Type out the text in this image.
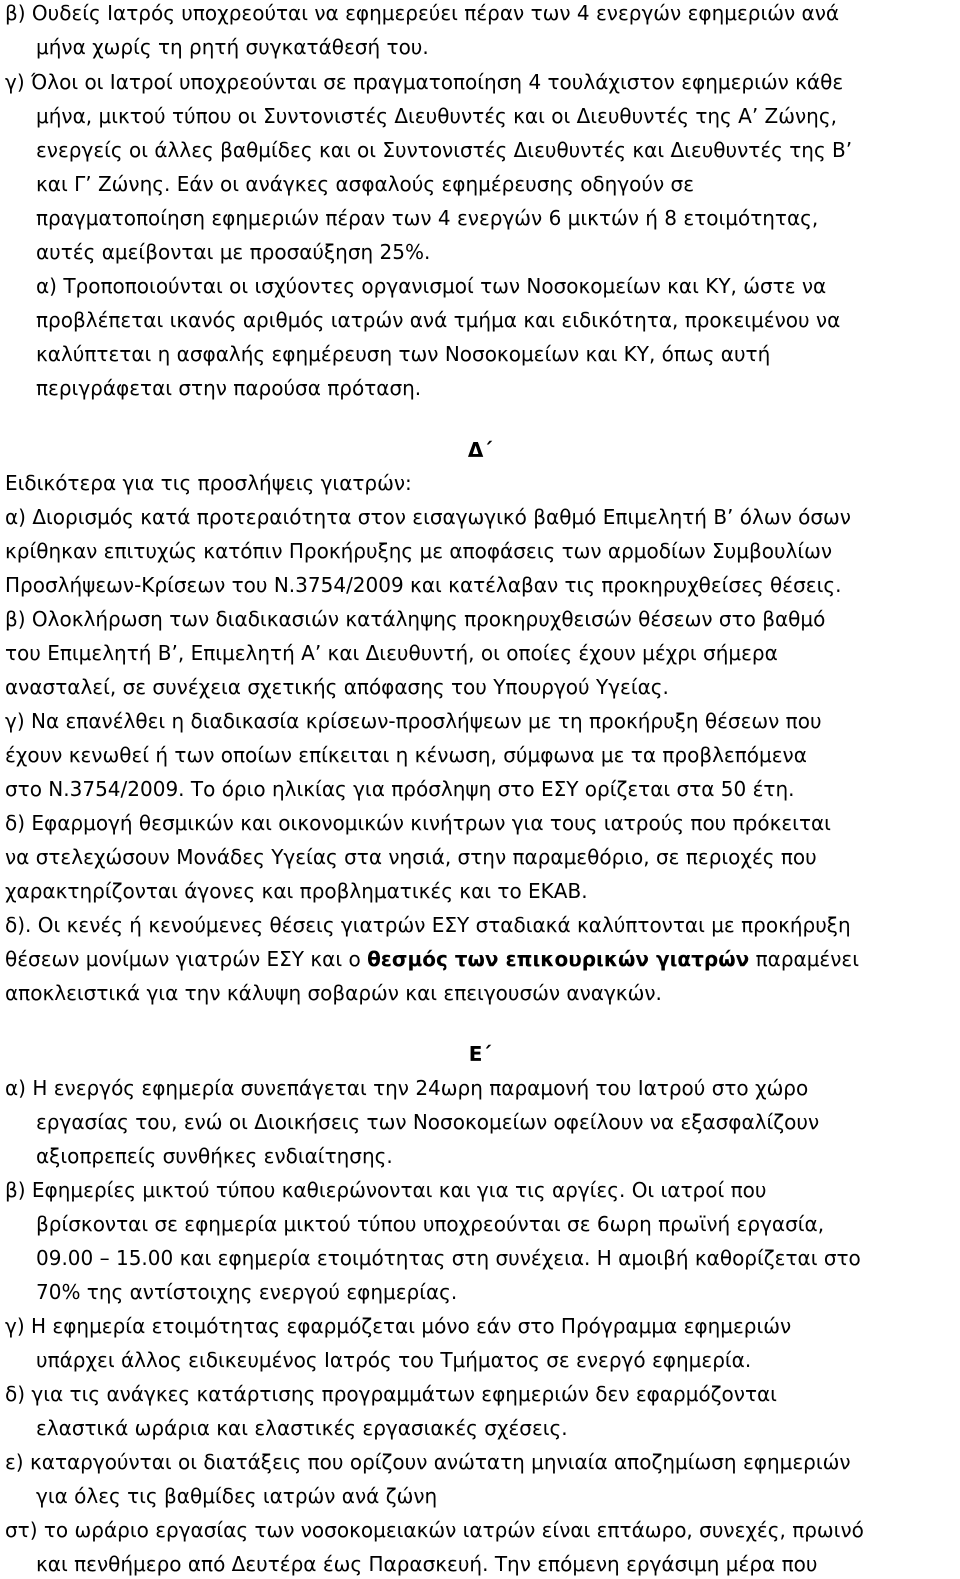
β) Ουδείς Ιατρός υποχρεούται να εφημερεύει πέραν των 4 ενεργών εφημεριών ανά
μήνα χωρίς τη ρητή συγκατάθεσή του.
γ) Όλοι οι Ιατροί υποχρεούνται σε πραγματοποίηση 4 τουλάχιστον εφημεριών κάθε
μήνα, μικτού τύπου οι Συντονιστές Διευθυντές και οι Διευθυντές της Α’ Ζώνης,
ενεργείς οι άλλες βαθμίδες και οι Συντονιστές Διευθυντές και Διευθυντές της Β’
και Γ’ Ζώνης. Εάν οι ανάγκες ασφαλούς εφημέρευσης οδηγούν σε
πραγματοποίηση εφημεριών πέραν των 4 ενεργών 6 μικτών ή 8 ετοιμότητας,
αυτές αμείβονται με προσαύξηση 25%.
α) Τροποποιούνται οι ισχύοντες οργανισμοί των Νοσοκομείων και ΚΥ, ώστε να
προβλέπεται ικανός αριθμός ιατρών ανά τμήμα και ειδικότητα, προκειμένου να
καλύπτεται η ασφαλής εφημέρευση των Νοσοκομείων και ΚΥ, όπως αυτή
περιγράφεται στην παρούσα πρόταση.
Δ΄
Ειδικότερα για τις προσλήψεις γιατρών:
α) Διορισμός κατά προτεραιότητα στον εισαγωγικό βαθμό Επιμελητή Β’ όλων όσων
κρίθηκαν επιτυχώς κατόπιν Προκήρυξης με αποφάσεις των αρμοδίων Συμβουλίων
Προσλήψεων-Κρίσεων του Ν.3754/2009 και κατέλαβαν τις προκηρυχθείσες θέσεις.
β) Ολοκλήρωση των διαδικασιών κατάληψης προκηρυχθεισών θέσεων στο βαθμό
του Επιμελητή Β’, Επιμελητή Α’ και Διευθυντή, οι οποίες έχουν μέχρι σήμερα
ανασταλεί, σε συνέχεια σχετικής απόφασης του Υπουργού Υγείας.
γ) Να επανέλθει η διαδικασία κρίσεων-προσλήψεων με τη προκήρυξη θέσεων που
έχουν κενωθεί ή των οποίων επίκειται η κένωση, σύμφωνα με τα προβλεπόμενα
στο Ν.3754/2009. Το όριο ηλικίας για πρόσληψη στο ΕΣΥ ορίζεται στα 50 έτη.
δ) Εφαρμογή θεσμικών και οικονομικών κινήτρων για τους ιατρούς που πρόκειται
να στελεχώσουν Μονάδες Υγείας στα νησιά, στην παραμεθόριο, σε περιοχές που
χαρακτηρίζονται άγονες και προβληματικές και το ΕΚΑΒ.
δ). Οι κενές ή κενούμενες θέσεις γιατρών ΕΣΥ σταδιακά καλύπτονται με προκήρυξη
θέσεων μονίμων γιατρών ΕΣΥ και ο θεσμός των επικουρικών γιατρών παραμένει
αποκλειστικά για την κάλυψη σοβαρών και επειγουσών αναγκών.
Ε΄
α) Η ενεργός εφημερία συνεπάγεται την 24ωρη παραμονή του Ιατρού στο χώρο
εργασίας του, ενώ οι Διοικήσεις των Νοσοκομείων οφείλουν να εξασφαλίζουν
αξιοπρεπείς συνθήκες ενδιαίτησης.
β) Εφημερίες μικτού τύπου καθιερώνονται και για τις αργίες. Οι ιατροί που
βρίσκονται σε εφημερία μικτού τύπου υποχρεούνται σε 6ωρη πρωϊνή εργασία,
09.00 – 15.00 και εφημερία ετοιμότητας στη συνέχεια. Η αμοιβή καθορίζεται στο
70% της αντίστοιχης ενεργού εφημερίας.
γ) Η εφημερία ετοιμότητας εφαρμόζεται μόνο εάν στο Πρόγραμμα εφημεριών
υπάρχει άλλος ειδικευμένος Ιατρός του Τμήματος σε ενεργό εφημερία.
δ) για τις ανάγκες κατάρτισης προγραμμάτων εφημεριών δεν εφαρμόζονται
ελαστικά ωράρια και ελαστικές εργασιακές σχέσεις.
ε) καταργούνται οι διατάξεις που ορίζουν ανώτατη μηνιαία αποζημίωση εφημεριών
για όλες τις βαθμίδες ιατρών ανά ζώνη
στ) το ωράριο εργασίας των νοσοκομειακών ιατρών είναι επτάωρο, συνεχές, πρωινό
και πενθήμερο από Δευτέρα έως Παρασκευή. Την επόμενη εργάσιμη μέρα που
